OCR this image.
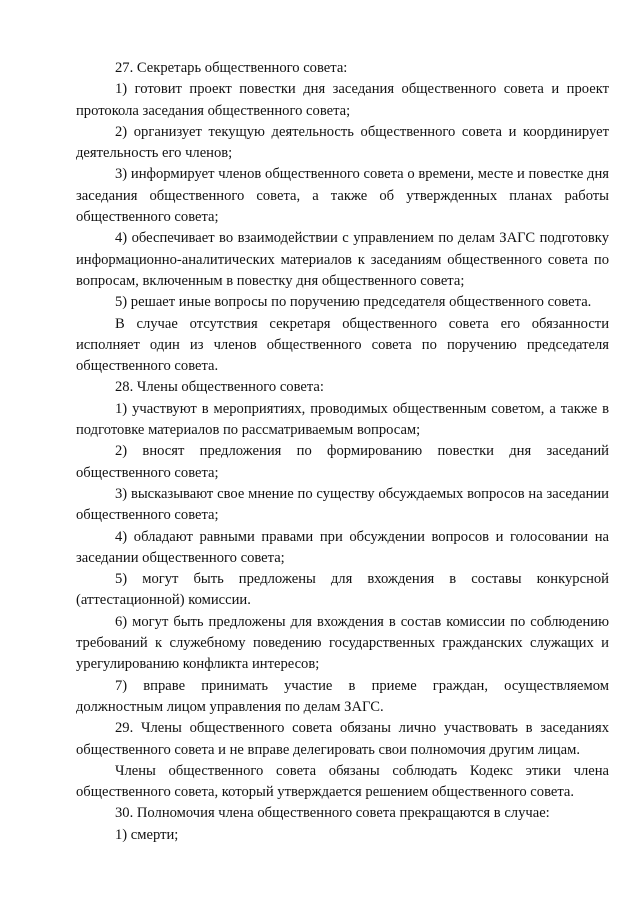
27. Секретарь общественного совета:

1) готовит проект повестки дня заседания общественного совета и проект протокола заседания общественного совета;

2) организует текущую деятельность общественного совета и координирует деятельность его членов;

3) информирует членов общественного совета о времени, месте и повестке дня заседания общественного совета, а также об утвержденных планах работы общественного совета;

4) обеспечивает во взаимодействии с управлением по делам ЗАГС подготовку информационно-аналитических материалов к заседаниям общественного совета по вопросам, включенным в повестку дня общественного совета;

5) решает иные вопросы по поручению председателя общественного совета.

В случае отсутствия секретаря общественного совета его обязанности исполняет один из членов общественного совета по поручению председателя общественного совета.

28. Члены общественного совета:

1) участвуют в мероприятиях, проводимых общественным советом, а также в подготовке материалов по рассматриваемым вопросам;

2) вносят предложения по формированию повестки дня заседаний общественного совета;

3) высказывают свое мнение по существу обсуждаемых вопросов на заседании общественного совета;

4) обладают равными правами при обсуждении вопросов и голосовании на заседании общественного совета;

5) могут быть предложены для вхождения в составы конкурсной (аттестационной) комиссии.

6) могут быть предложены для вхождения в состав комиссии по соблюдению требований к служебному поведению государственных гражданских служащих и урегулированию конфликта интересов;

7) вправе принимать участие в приеме граждан, осуществляемом должностным лицом управления по делам ЗАГС.

29. Члены общественного совета обязаны лично участвовать в заседаниях общественного совета и не вправе делегировать свои полномочия другим лицам.

Члены общественного совета обязаны соблюдать Кодекс этики члена общественного совета, который утверждается решением общественного совета.

30. Полномочия члена общественного совета прекращаются в случае:

1) смерти;
